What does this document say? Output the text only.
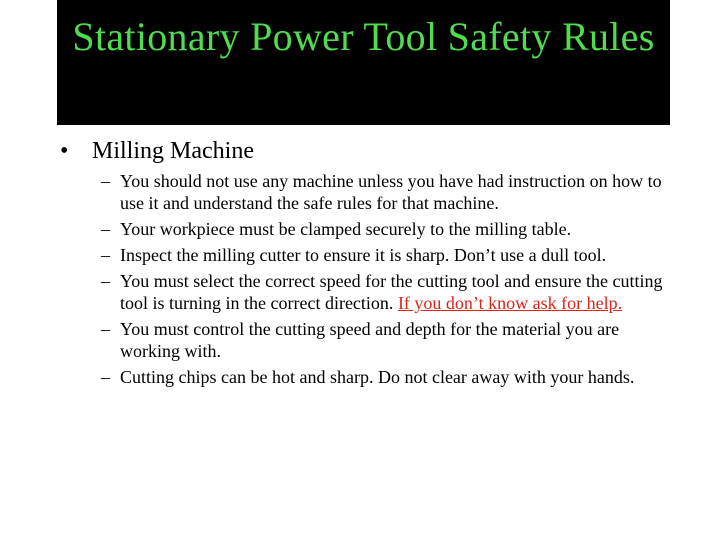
Stationary Power Tool Safety Rules
• Milling Machine
– You should not use any machine unless you have had instruction on how to use it and understand the safe rules for that machine.
– Your workpiece must be clamped securely to the milling table.
– Inspect the milling cutter to ensure it is sharp. Don’t use a dull tool.
– You must select the correct speed for the cutting tool and ensure the cutting tool is turning in the correct direction. If you don’t know ask for help.
– You must control the cutting speed and depth for the material you are working with.
– Cutting chips can be hot and sharp. Do not clear away with your hands.
